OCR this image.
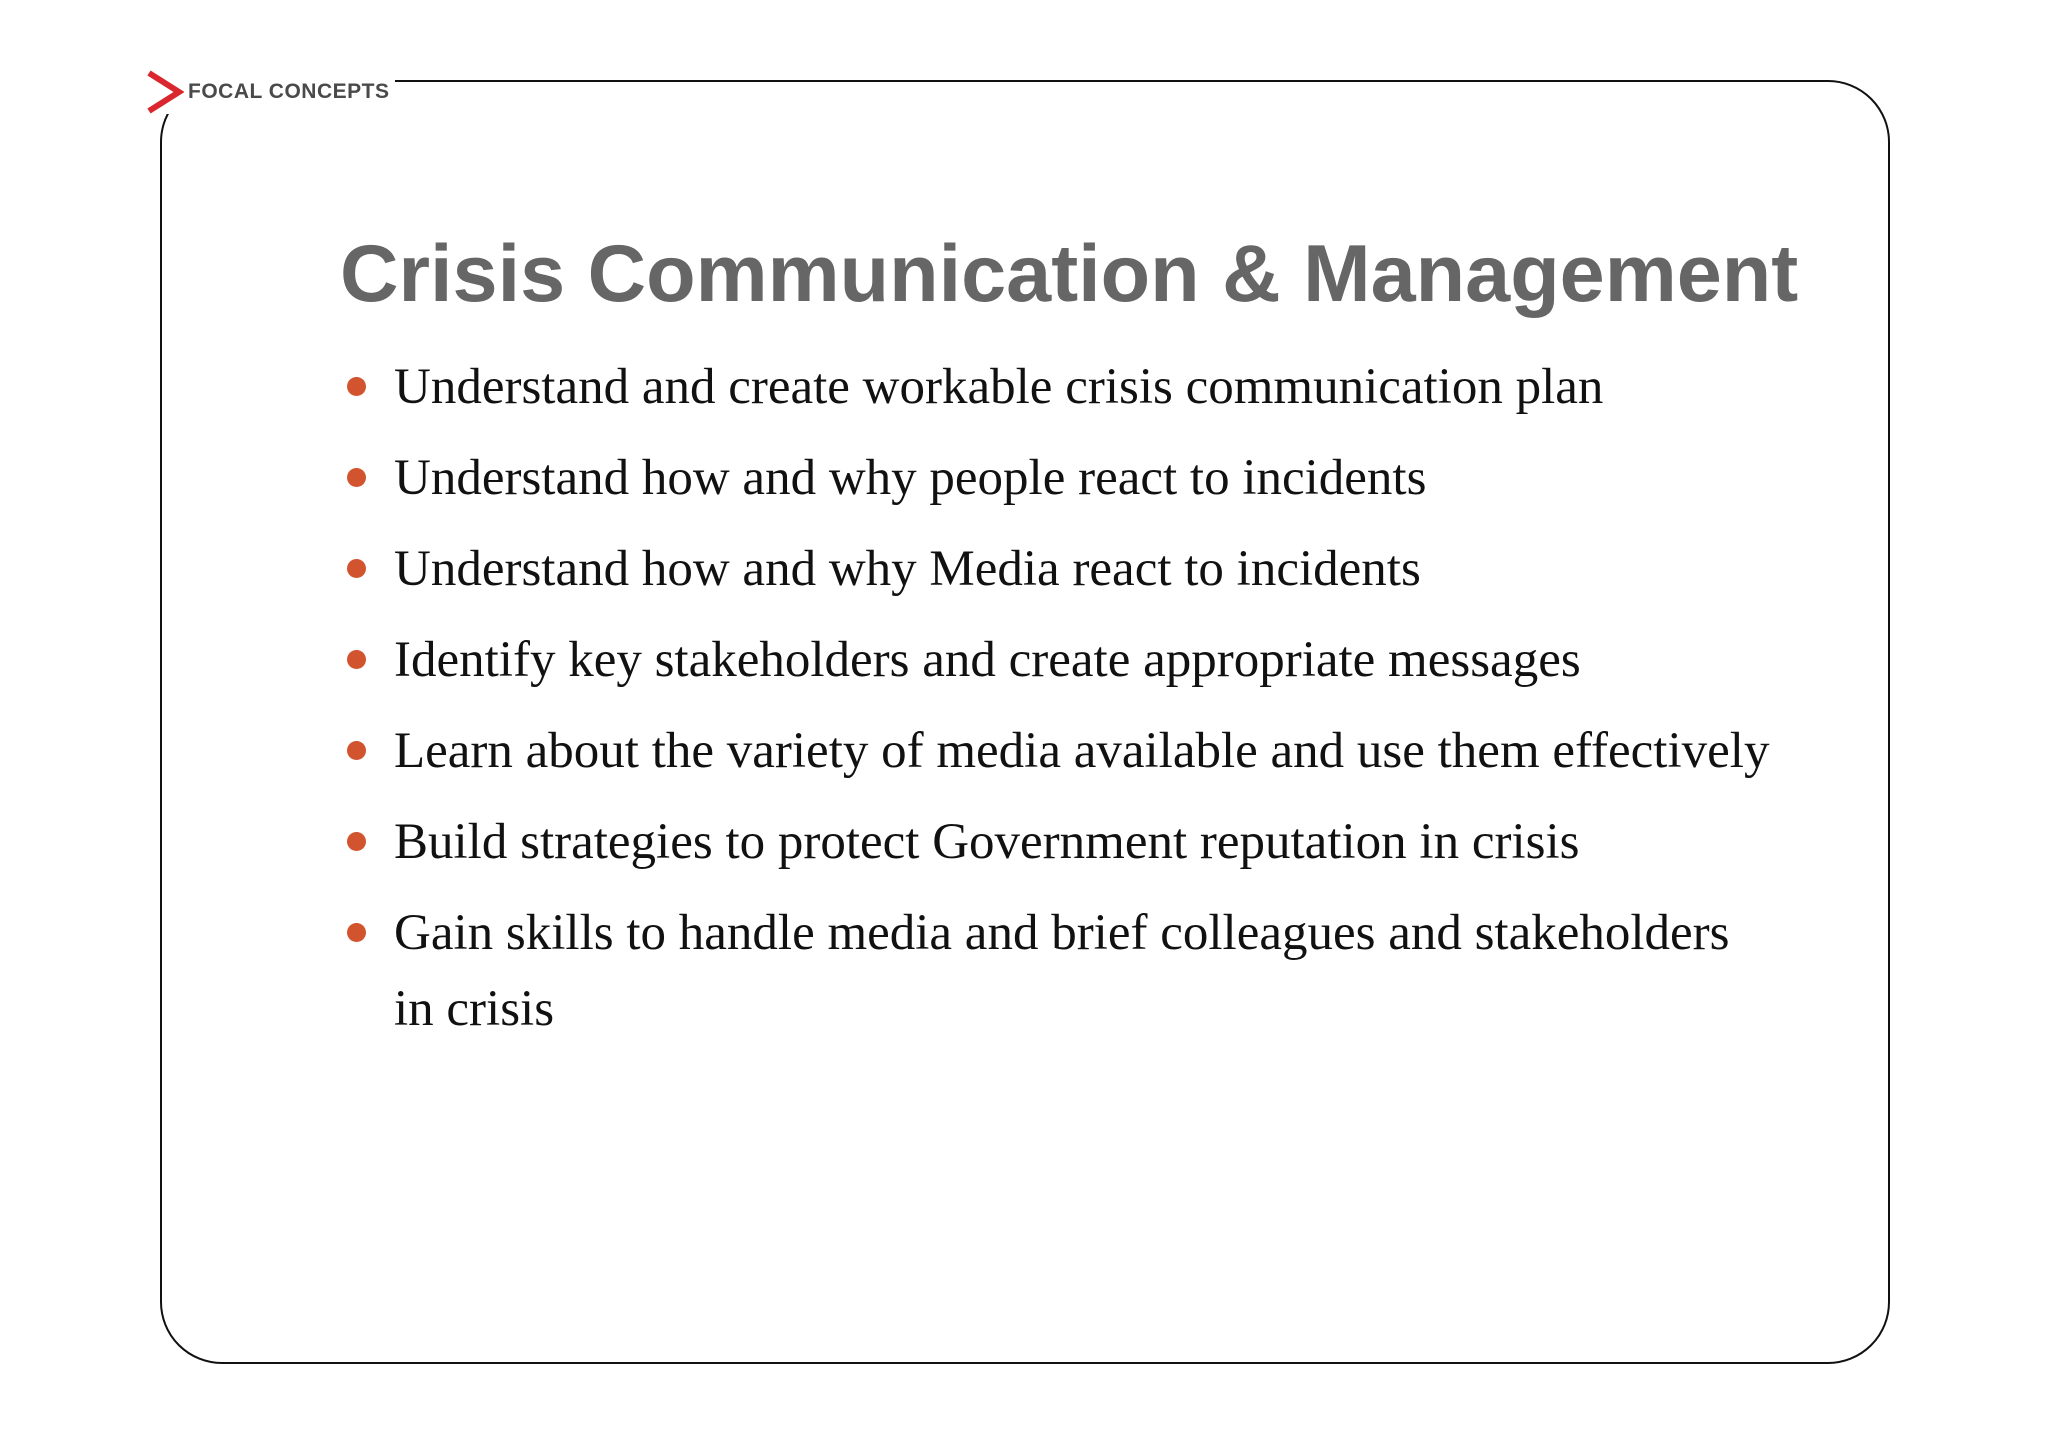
FOCAL CONCEPTS
Crisis Communication & Management
Understand and create workable crisis communication plan
Understand how and why people react to incidents
Understand how and why Media react to incidents
Identify key stakeholders and create appropriate messages
Learn about the variety of media available and use them effectively
Build strategies to protect Government reputation in crisis
Gain skills to handle media and brief colleagues and stakeholders in crisis
